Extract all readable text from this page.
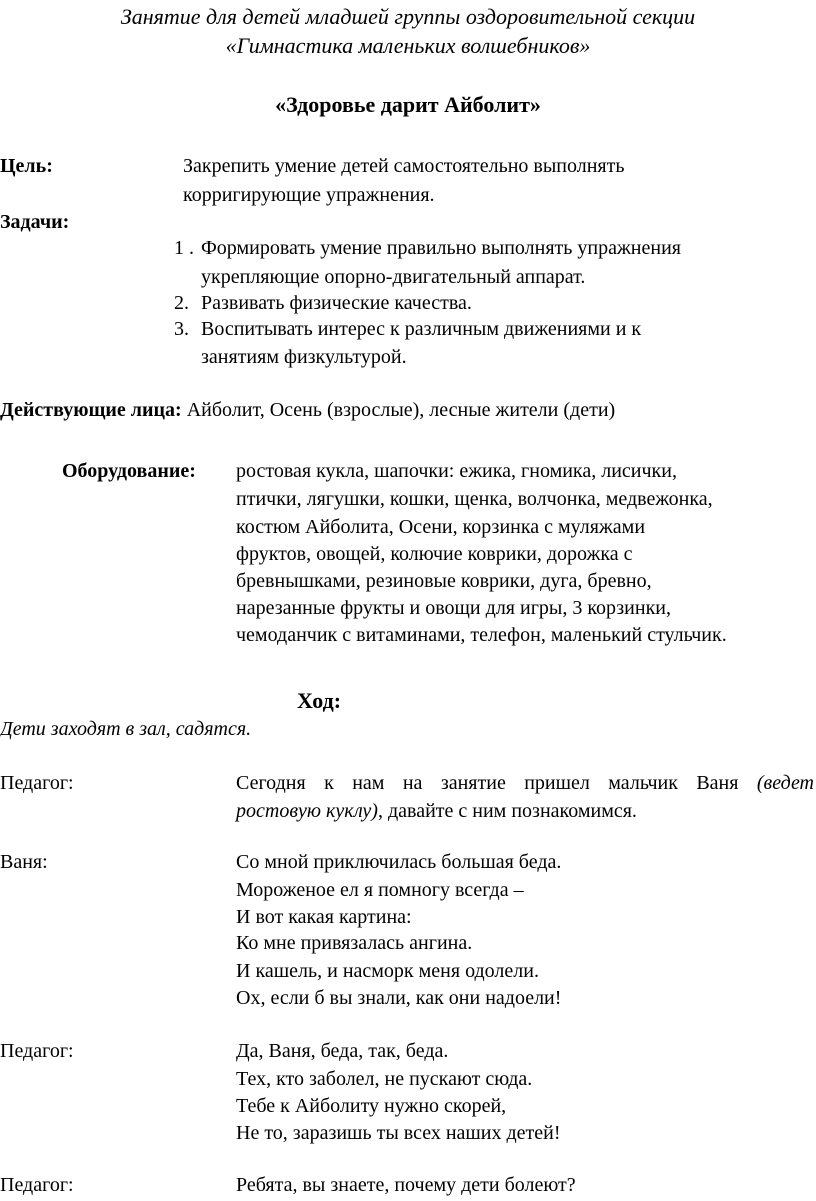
Занятие для детей младшей группы оздоровительной секции
«Гимнастика маленьких волшебников»
«Здоровье дарит Айболит»
Цель:	Закрепить умение детей самостоятельно выполнять
корригирующие упражнения.
Задачи:
1 . Формировать умение правильно выполнять упражнения
укрепляющие опорно-двигательный аппарат.
2. Развивать физические качества.
3. Воспитывать интерес к различным движениями и к
занятиям физкультурой.
Действующие лица: Айболит, Осень (взрослые), лесные жители (дети)
Оборудование: ростовая кукла, шапочки: ежика, гномика, лисички,
птички, лягушки, кошки, щенка, волчонка, медвежонка,
костюм Айболита, Осени, корзинка с муляжами
фруктов, овощей, колючие коврики, дорожка с
бревнышками, резиновые коврики, дуга, бревно,
нарезанные фрукты и овощи для игры, 3 корзинки,
чемоданчик с витаминами, телефон, маленький стульчик.
Ход:
Дети заходят в зал, садятся.
Педагог:	Сегодня к нам на занятие пришел мальчик Ваня (ведет
ростовую куклу), давайте с ним познакомимся.
Ваня:	Со мной приключилась большая беда.
Мороженое ел я помногу всегда –
И вот какая картина:
Ко мне привязалась ангина.
И кашель, и насморк меня одолели.
Ох, если б вы знали, как они надоели!
Педагог:	Да, Ваня, беда, так, беда.
Тех, кто заболел, не пускают сюда.
Тебе к Айболиту нужно скорей,
Не то, заразишь ты всех наших детей!
Педагог:	Ребята, вы знаете, почему дети болеют?
